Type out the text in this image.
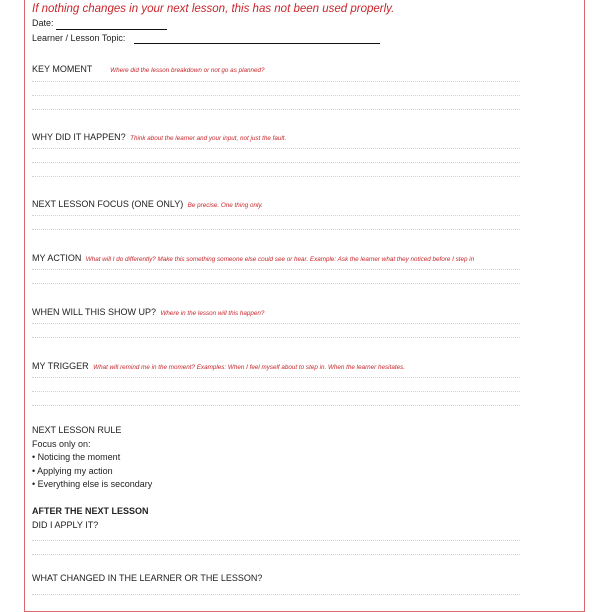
If nothing changes in your next lesson, this has not been used properly.
Date:
Learner / Lesson Topic:
KEY MOMENT	Where did the lesson breakdown or not go as planned?
WHY DID IT HAPPEN? Think about the learner and your input, not just the fault.
NEXT LESSON FOCUS (ONE ONLY) Be precise. One thing only.
MY ACTION What will I do differently? Make this something someone else could see or hear. Example: Ask the learner what they noticed before I step in
WHEN WILL THIS SHOW UP? Where in the lesson will this happen?
MY TRIGGER What will remind me in the moment? Examples: When I feel myself about to step in. When the learner hesitates.
NEXT LESSON RULE
Focus only on:
• Noticing the moment
• Applying my action
• Everything else is secondary
AFTER THE NEXT LESSON
DID I APPLY IT?
WHAT CHANGED IN THE LEARNER OR THE LESSON?
